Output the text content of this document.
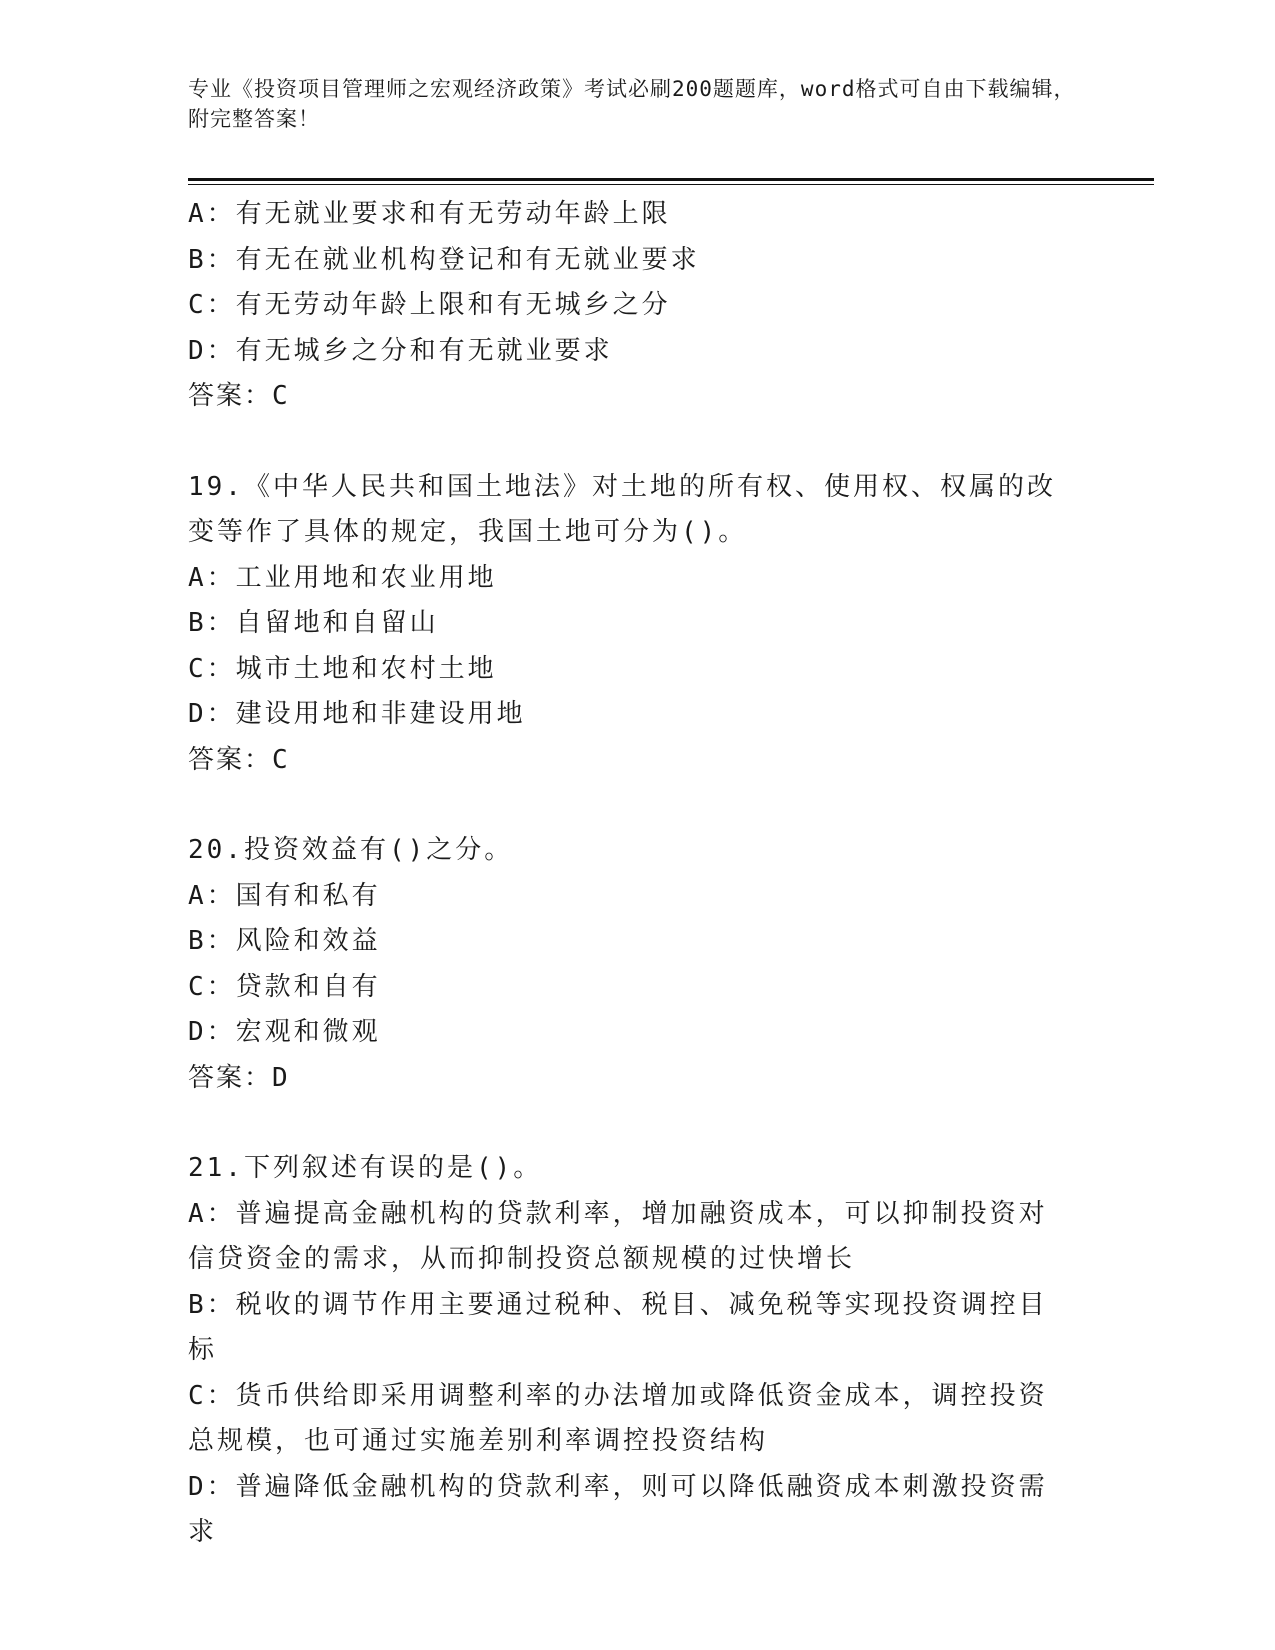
专业《投资项目管理师之宏观经济政策》考试必刷200题题库，word格式可自由下载编辑，附完整答案！
A：有无就业要求和有无劳动年龄上限
B：有无在就业机构登记和有无就业要求
C：有无劳动年龄上限和有无城乡之分
D：有无城乡之分和有无就业要求
答案：C
19.《中华人民共和国土地法》对土地的所有权、使用权、权属的改变等作了具体的规定，我国土地可分为()。
A：工业用地和农业用地
B：自留地和自留山
C：城市土地和农村土地
D：建设用地和非建设用地
答案：C
20.投资效益有()之分。
A：国有和私有
B：风险和效益
C：贷款和自有
D：宏观和微观
答案：D
21.下列叙述有误的是()。
A：普遍提高金融机构的贷款利率，增加融资成本，可以抑制投资对信贷资金的需求，从而抑制投资总额规模的过快增长
B：税收的调节作用主要通过税种、税目、减免税等实现投资调控目标
C：货币供给即采用调整利率的办法增加或降低资金成本，调控投资总规模，也可通过实施差别利率调控投资结构
D：普遍降低金融机构的贷款利率，则可以降低融资成本刺激投资需求
